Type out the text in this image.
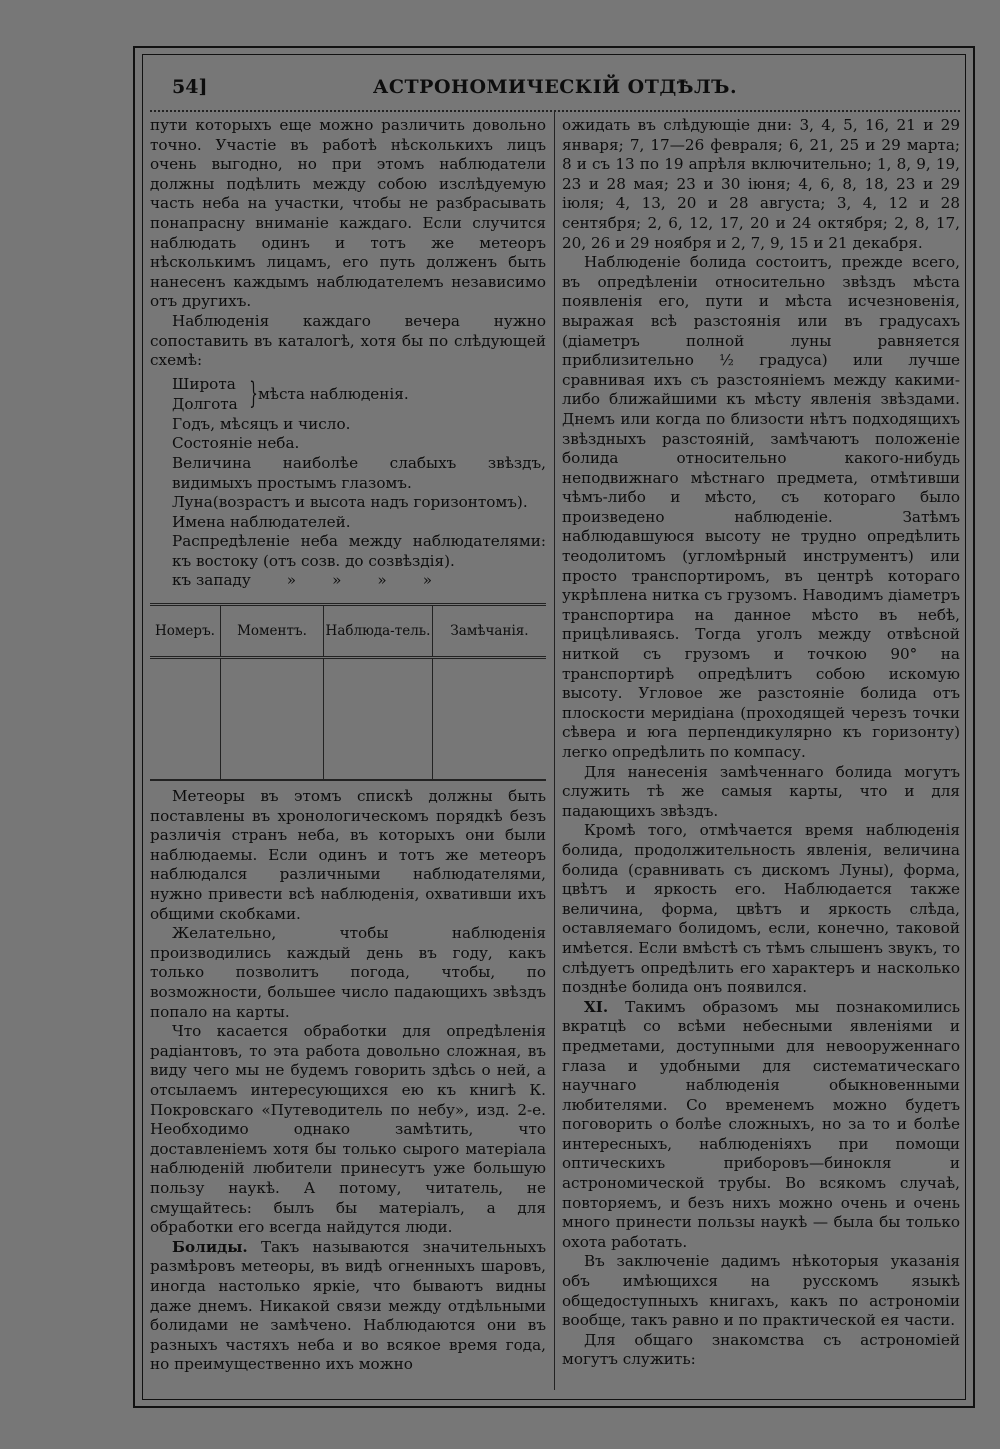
54]	АСТРОНОМИЧЕСКІЙ ОТДѢЛЪ.

пути которыхъ еще можно различить довольно точно. Участіе въ работѣ нѣсколькихъ лицъ очень выгодно, но при этомъ наблюдатели должны подѣлить между собою изслѣдуемую часть неба на участки, чтобы не разбрасывать понапрасну вниманіе каждаго. Если случится наблюдать одинъ и тотъ же метеоръ нѣсколькимъ лицамъ, его путь долженъ быть нанесенъ каждымъ наблюдателемъ независимо отъ другихъ.

Наблюденія каждаго вечера нужно сопоставить въ каталогѣ, хотя бы по слѣдующей схемѣ:

Широта
Долгота } мѣста наблюденія.
Годъ, мѣсяцъ и число.
Состояніе неба.
Величина наиболѣе слабыхъ звѣздъ, видимыхъ простымъ глазомъ.
Луна(возрастъ и высота надъ горизонтомъ).
Имена наблюдателей.
Распредѣленіе неба между наблюдателями: къ востоку (отъ созв. до созвѣздія).
къ западу » » » »
Номеръ.	Моментъ.	Наблюда-тель.	Замѣчанія.

Метеоры въ этомъ спискѣ должны быть поставлены въ хронологическомъ порядкѣ безъ различія странъ неба, въ которыхъ они были наблюдаемы. Если одинъ и тотъ же метеоръ наблюдался различными наблюдателями, нужно привести всѣ наблюденія, охвативши ихъ общими скобками.

Желательно, чтобы наблюденія производились каждый день въ году, какъ только позволитъ погода, чтобы, по возможности, большее число падающихъ звѣздъ попало на карты.

Что касается обработки для опредѣленія радіантовъ, то эта работа довольно сложная, въ виду чего мы не будемъ говорить здѣсь о ней, а отсылаемъ интересующихся ею къ книгѣ К. Покровскаго «Путеводитель по небу», изд. 2-е. Необходимо однако замѣтить, что доставленіемъ хотя бы только сырого матеріала наблюденій любители принесутъ уже большую пользу наукѣ. А потому, читатель, не смущайтесь: былъ бы матеріалъ, а для обработки его всегда найдутся люди.

Болиды. Такъ называются значительныхъ размѣровъ метеоры, въ видѣ огненныхъ шаровъ, иногда настолько яркіе, что бываютъ видны даже днемъ. Никакой связи между отдѣльными болидами не замѣчено. Наблюдаются они въ разныхъ частяхъ неба и во всякое время года, но преимущественно ихъ можно

ожидать въ слѣдующіе дни: 3, 4, 5, 16, 21 и 29 января; 7, 17—26 февраля; 6, 21, 25 и 29 марта; 8 и съ 13 по 19 апрѣля включительно; 1, 8, 9, 19, 23 и 28 мая; 23 и 30 іюня; 4, 6, 8, 18, 23 и 29 іюля; 4, 13, 20 и 28 августа; 3, 4, 12 и 28 сентября; 2, 6, 12, 17, 20 и 24 октября; 2, 8, 17, 20, 26 и 29 ноября и 2, 7, 9, 15 и 21 декабря.

Наблюденіе болида состоитъ, прежде всего, въ опредѣленіи относительно звѣздъ мѣста появленія его, пути и мѣста исчезновенія, выражая всѣ разстоянія или въ градусахъ (діаметръ полной луны равняется приблизительно ½ градуса) или лучше сравнивая ихъ съ разстояніемъ между какими-либо ближайшими къ мѣсту явленія звѣздами. Днемъ или когда по близости нѣтъ подходящихъ звѣздныхъ разстояній, замѣчаютъ положеніе болида относительно какого-нибудь неподвижнаго мѣстнаго предмета, отмѣтивши чѣмъ-либо и мѣсто, съ котораго было произведено наблюденіе. Затѣмъ наблюдавшуюся высоту не трудно опредѣлить теодолитомъ (угломѣрный инструментъ) или просто транспортиромъ, въ центрѣ котораго укрѣплена нитка съ грузомъ. Наводимъ діаметръ транспортира на данное мѣсто въ небѣ, прицѣливаясь. Тогда уголъ между отвѣсной ниткой съ грузомъ и точкою 90° на транспортирѣ опредѣлитъ собою искомую высоту. Угловое же разстояніе болида отъ плоскости меридіана (проходящей черезъ точки сѣвера и юга перпендикулярно къ горизонту) легко опредѣлить по компасу.

Для нанесенія замѣченнаго болида могутъ служить тѣ же самыя карты, что и для падающихъ звѣздъ.

Кромѣ того, отмѣчается время наблюденія болида, продолжительность явленія, величина болида (сравнивать съ дискомъ Луны), форма, цвѣтъ и яркость его. Наблюдается также величина, форма, цвѣтъ и яркость слѣда, оставляемаго болидомъ, если, конечно, таковой имѣется. Если вмѣстѣ съ тѣмъ слышенъ звукъ, то слѣдуетъ опредѣлить его характеръ и насколько позднѣе болида онъ появился.

XI. Такимъ образомъ мы познакомились вкратцѣ со всѣми небесными явленіями и предметами, доступными для невооруженнаго глаза и удобными для систематическаго научнаго наблюденія обыкновенными любителями. Со временемъ можно будетъ поговорить о болѣе сложныхъ, но за то и болѣе интересныхъ, наблюденіяхъ при помощи оптическихъ приборовъ—бинокля и астрономической трубы. Во всякомъ случаѣ, повторяемъ, и безъ нихъ можно очень и очень много принести пользы наукѣ — была бы только охота работать.

Въ заключеніе дадимъ нѣкоторыя указанія объ имѣющихся на русскомъ языкѣ общедоступныхъ книгахъ, какъ по астрономіи вообще, такъ равно и по практической ея части.

Для общаго знакомства съ астрономіей могутъ служить:
